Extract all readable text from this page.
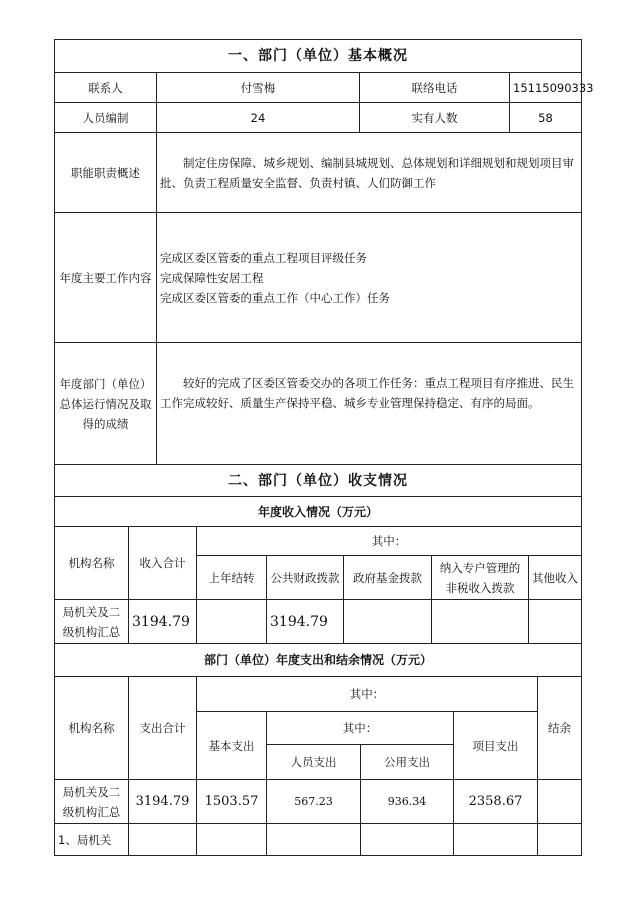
一、部门（单位）基本概况			
联系人	付雪梅	联络电话	15115090333
人员编制	24	实有人数	58
职能职责概述	制定住房保障、城乡规划、编制县城规划、总体规划和详细规划和规划项目审批、负责工程质量安全监督、负责村镇、人们防御工作		
年度主要工作内容	完成区委区管委的重点工程项目评级任务
完成保障性安居工程
完成区委区管委的重点工作（中心工作）任务		

年度部门（单位）总体运行情况及取得的成绩	较好的完成了区委区管委交办的各项工作任务：重点工程项目有序推进、民生工作完成较好、质量生产保持平稳、城乡专业管理保持稳定、有序的局面。		
二、部门（单位）收支情况						
年度收入情况（万元）						
机构名称	收入合计	其中：				
		上年结转	公共财政拨款	政府基金拨款	纳入专户管理的非税收入拨款	其他收入
局机关及二级机构汇总	3194.79		3194.79			
部门（单位）年度支出和结余情况（万元）						
机构名称	支出合计	其中：				结余
		基本支出	其中：		项目支出	
			人员支出	公用支出		
局机关及二级机构汇总	3194.79	1503.57	567.23	936.34	2358.67	
1、局机关						
